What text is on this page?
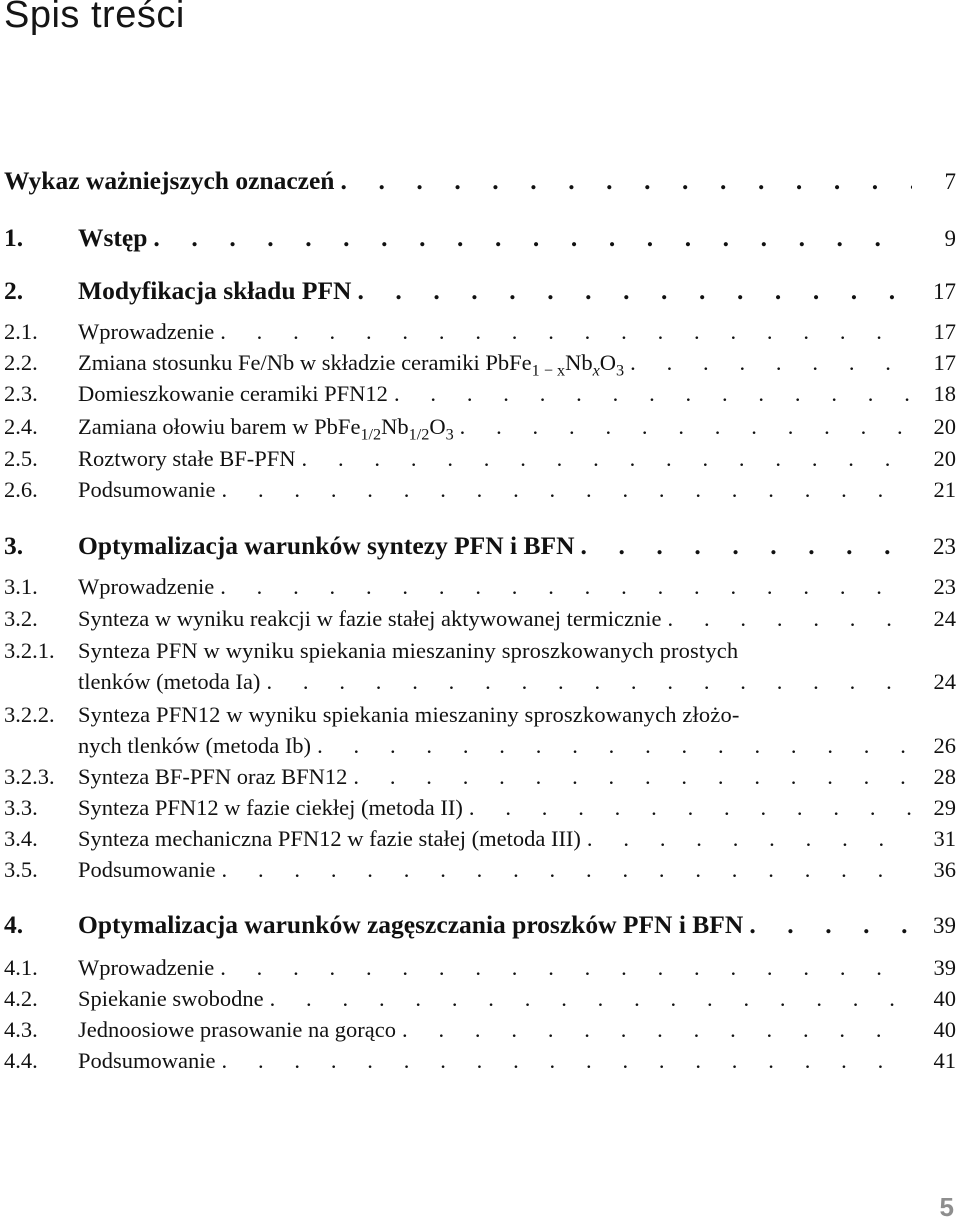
Spis treści
Wykaz ważniejszych oznaczeń . . .	7
1.	Wstęp . . .	9
2.	Modyfikacja składu PFN . . .	17
2.1.	Wprowadzenie . . .	17
2.2.	Zmiana stosunku Fe/Nb w składzie ceramiki $PbFe_{1 - x}Nb_xO_3$ . . .	17
2.3.	Domieszkowanie ceramiki PFN12 . . .	18
2.4.	Zamiana ołowiu barem w $PbFe_{1/2}Nb_{1/2}O_3$ . . .	20
2.5.	Roztwory stałe BF-PFN . . .	20
2.6.	Podsumowanie . . .	21
3.	Optymalizacja warunków syntezy PFN i BFN . . .	23
3.1.	Wprowadzenie . . .	23
3.2.	Synteza w wyniku reakcji w fazie stałej aktywowanej termicznie . . .	24
3.2.1.	Synteza PFN w wyniku spiekania mieszaniny sproszkowanych prostych
tlenków (metoda Ia) . . .	24
3.2.2.	Synteza PFN12 w wyniku spiekania mieszaniny sproszkowanych złożo-
nych tlenków (metoda Ib) . . .	26
3.2.3.	Synteza BF-PFN oraz BFN12 . . .	28
3.3.	Synteza PFN12 w fazie ciekłej (metoda II) . . .	29
3.4.	Synteza mechaniczna PFN12 w fazie stałej (metoda III) . . .	31
3.5.	Podsumowanie . . .	36
4.	Optymalizacja warunków zagęszczania proszków PFN i BFN . . .	39
4.1.	Wprowadzenie . . .	39
4.2.	Spiekanie swobodne . . .	40
4.3.	Jednoosiowe prasowanie na gorąco . . .	40
4.4.	Podsumowanie . . .	41
5
